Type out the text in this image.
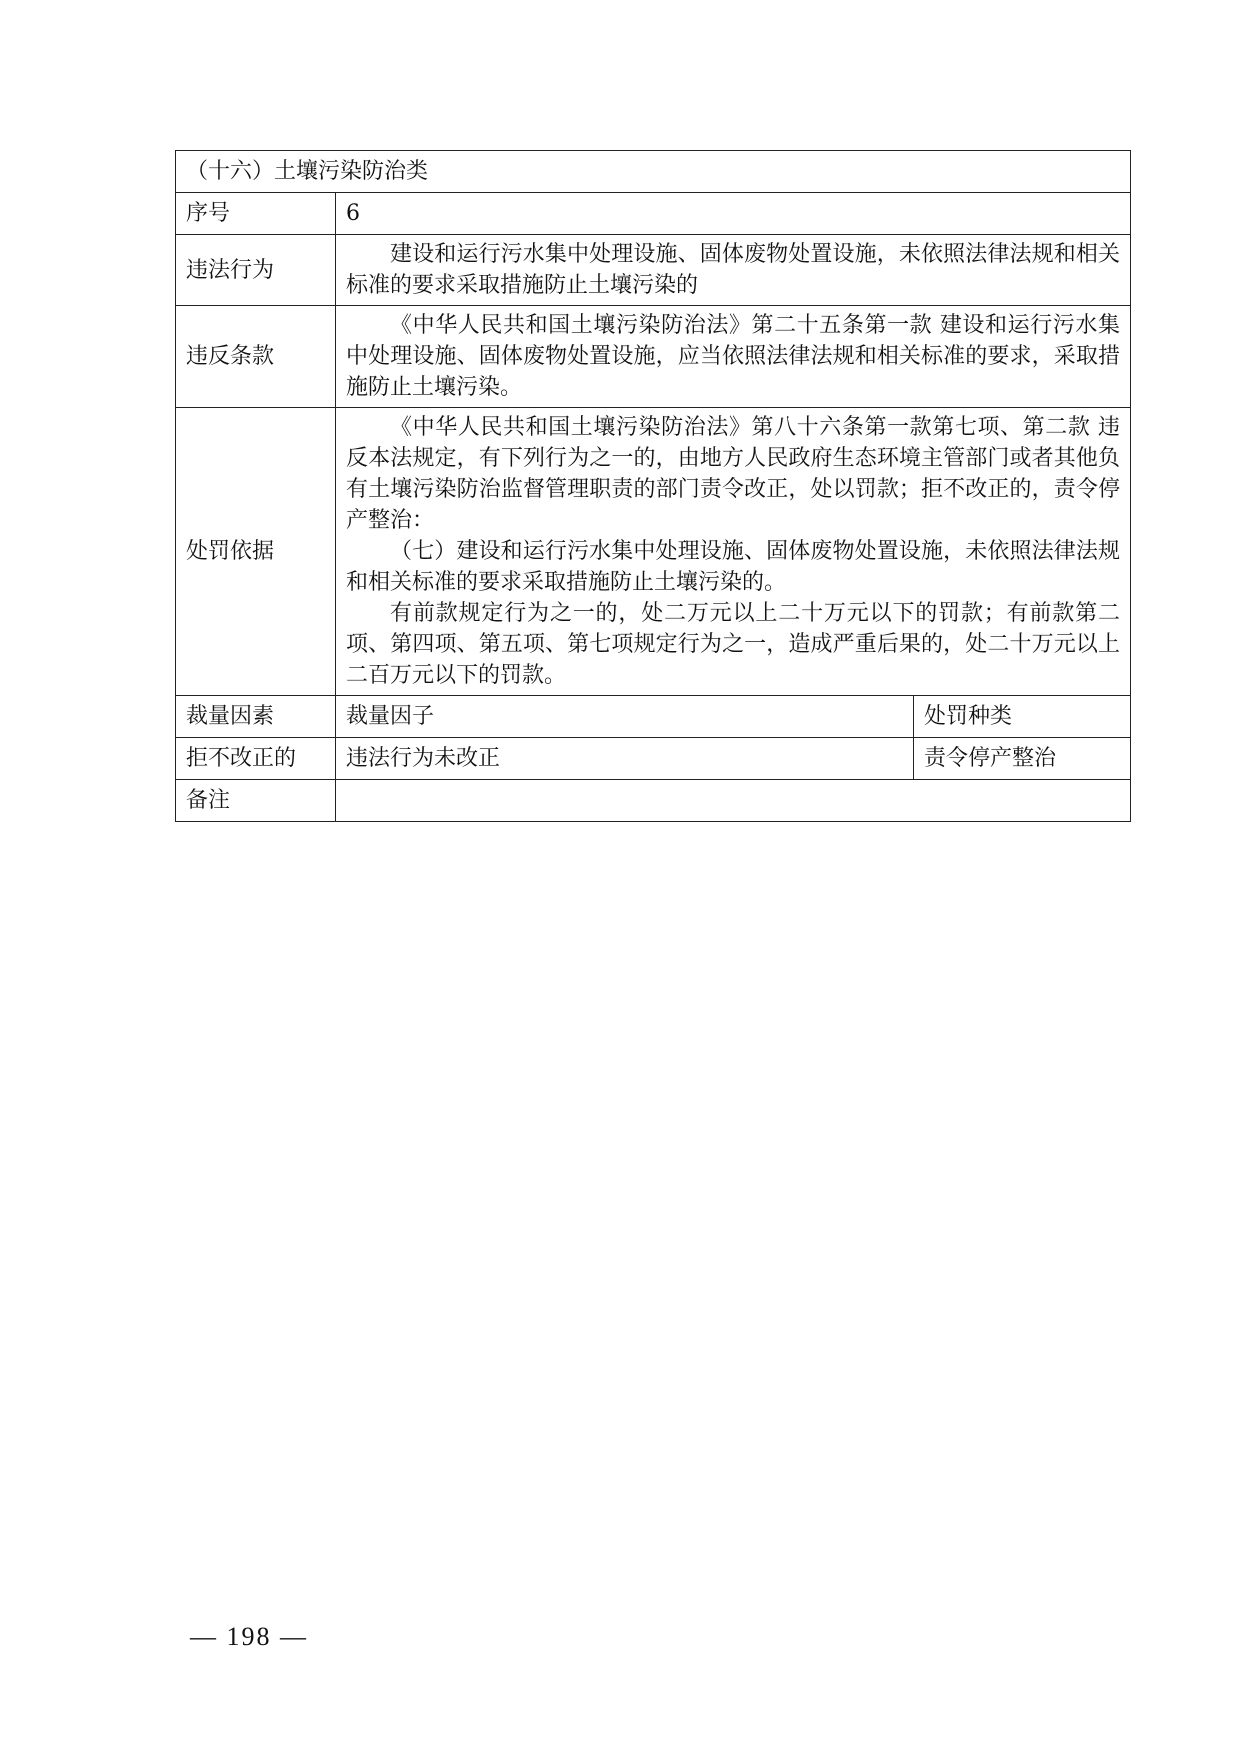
（十六）土壤污染防治类		
序号	6	
违法行为	建设和运行污水集中处理设施、固体废物处置设施，未依照法律法规和相关标准的要求采取措施防止土壤污染的	

违反条款	《中华人民共和国土壤污染防治法》第二十五条第一款 建设和运行污水集中处理设施、固体废物处置设施，应当依照法律法规和相关标准的要求，采取措施防止土壤污染。	

处罚依据	《中华人民共和国土壤污染防治法》第八十六条第一款第七项、第二款 违反本法规定，有下列行为之一的，由地方人民政府生态环境主管部门或者其他负有土壤污染防治监督管理职责的部门责令改正，处以罚款；拒不改正的，责令停产整治：

（七）建设和运行污水集中处理设施、固体废物处置设施，未依照法律法规和相关标准的要求采取措施防止土壤污染的。

有前款规定行为之一的，处二万元以上二十万元以下的罚款；有前款第二项、第四项、第五项、第七项规定行为之一，造成严重后果的，处二十万元以上二百万元以下的罚款。	

裁量因素	裁量因子	处罚种类
拒不改正的	违法行为未改正	责令停产整治
备注		
— 198 —
